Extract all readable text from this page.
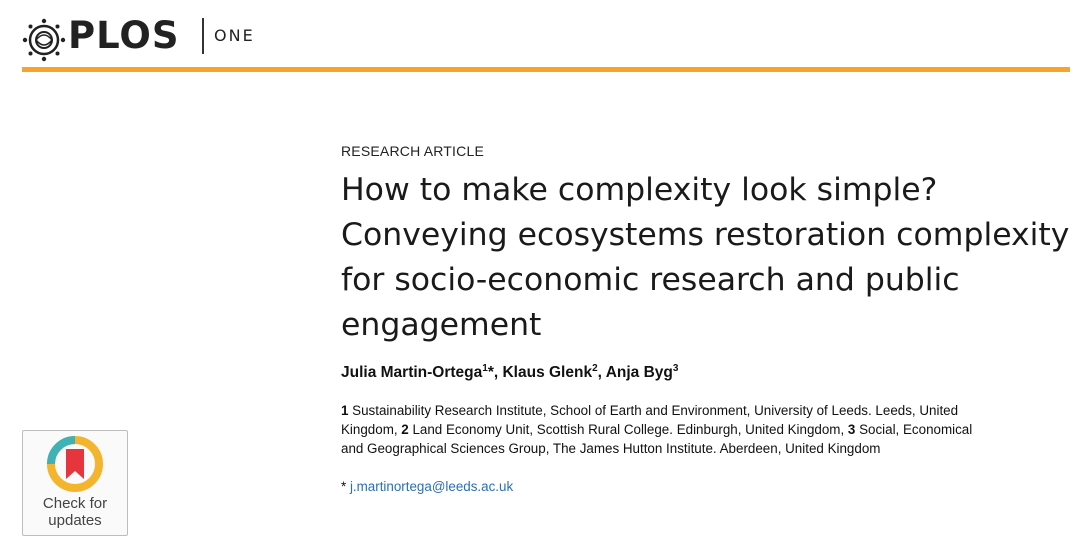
PLOS ONE
RESEARCH ARTICLE
How to make complexity look simple?
Conveying ecosystems restoration complexity
for socio-economic research and public
engagement
Julia Martin-Ortega$^1$*, Klaus Glenk$^2$, Anja Byg$^3$
1 Sustainability Research Institute, School of Earth and Environment, University of Leeds. Leeds, United
Kingdom, 2 Land Economy Unit, Scottish Rural College. Edinburgh, United Kingdom, 3 Social, Economical
and Geographical Sciences Group, The James Hutton Institute. Aberdeen, United Kingdom
* j.martinortega@leeds.ac.uk
Check for
updates
